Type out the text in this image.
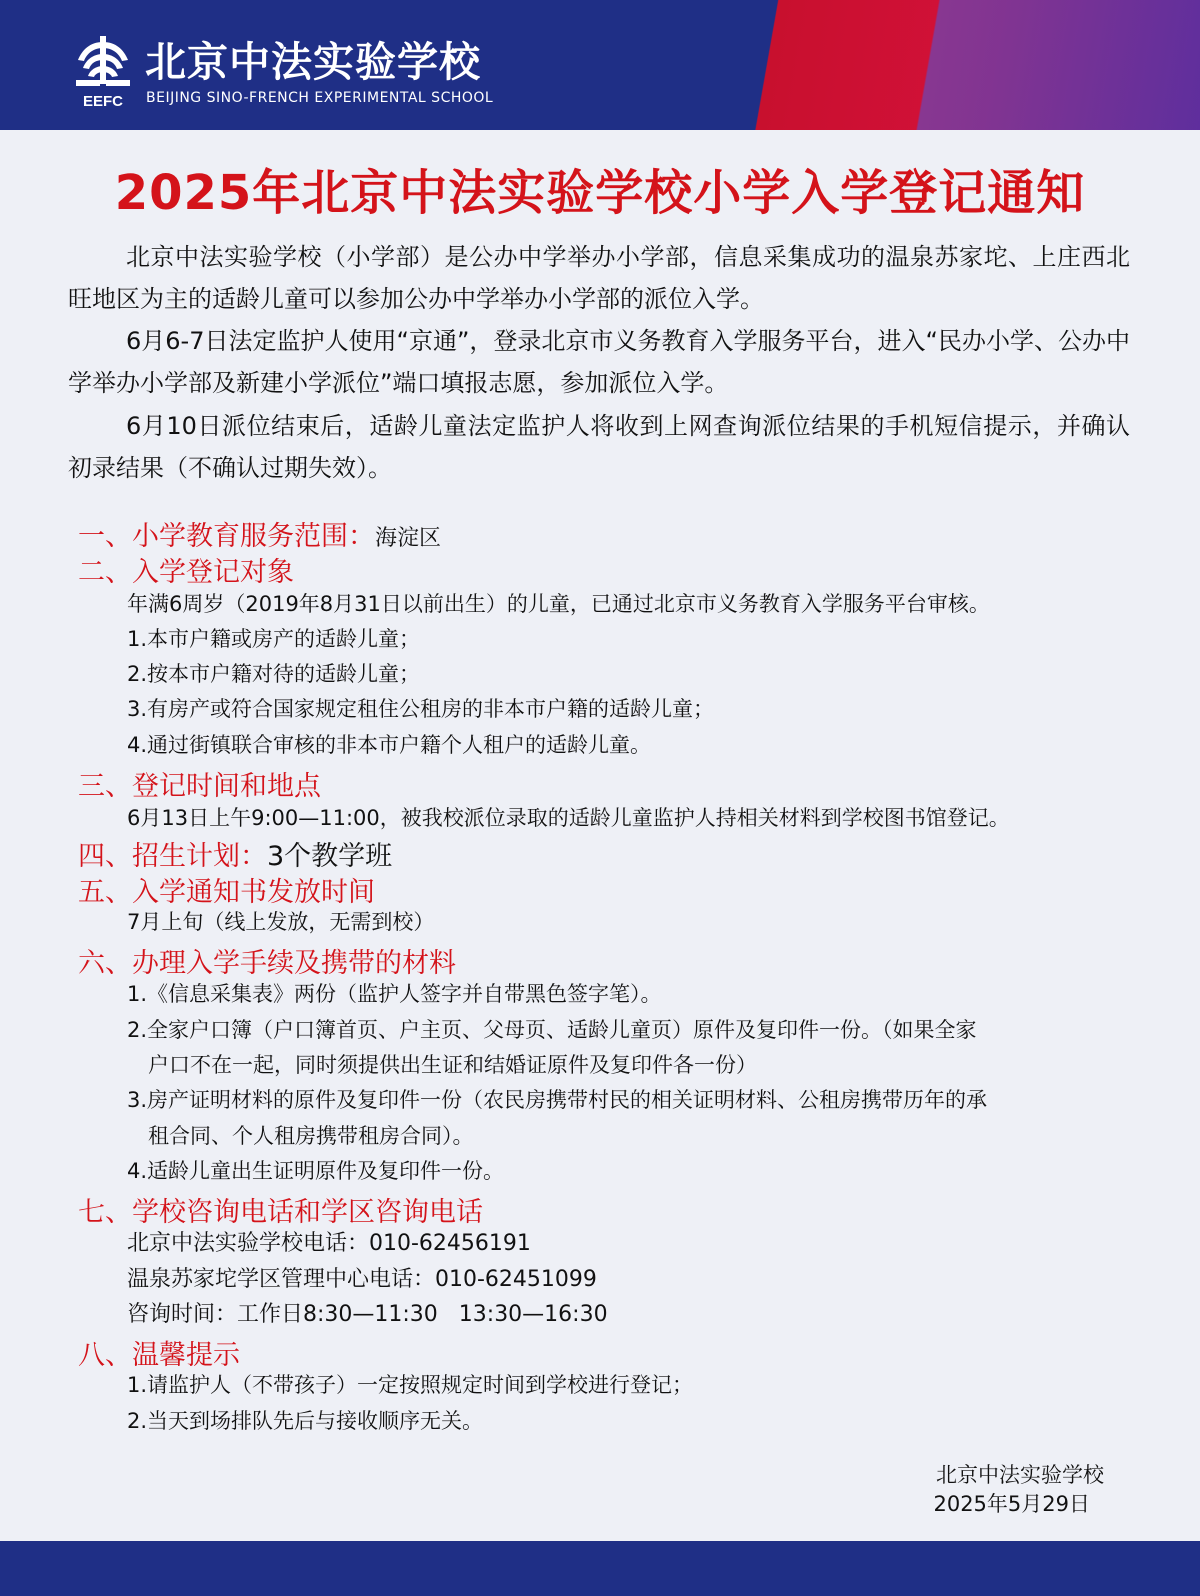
EEFC
北京中法实验学校
BEIJING SINO-FRENCH EXPERIMENTAL SCHOOL
2025年北京中法实验学校小学入学登记通知

北京中法实验学校（小学部）是公办中学举办小学部，信息采集成功的温泉苏家坨、上庄西北旺地区为主的适龄儿童可以参加公办中学举办小学部的派位入学。

6月6-7日法定监护人使用“京通”，登录北京市义务教育入学服务平台，进入“民办小学、公办中学举办小学部及新建小学派位”端口填报志愿，参加派位入学。

6月10日派位结束后，适龄儿童法定监护人将收到上网查询派位结果的手机短信提示，并确认初录结果（不确认过期失效）。

一、小学教育服务范围：海淀区
二、入学登记对象
年满6周岁（2019年8月31日以前出生）的儿童，已通过北京市义务教育入学服务平台审核。
1.本市户籍或房产的适龄儿童；
2.按本市户籍对待的适龄儿童；
3.有房产或符合国家规定租住公租房的非本市户籍的适龄儿童；
4.通过街镇联合审核的非本市户籍个人租户的适龄儿童。
三、登记时间和地点
6月13日上午9:00—11:00，被我校派位录取的适龄儿童监护人持相关材料到学校图书馆登记。
四、招生计划：3个教学班
五、入学通知书发放时间
7月上旬（线上发放，无需到校）
六、办理入学手续及携带的材料
1.《信息采集表》两份（监护人签字并自带黑色签字笔）。
2.全家户口簿（户口簿首页、户主页、父母页、适龄儿童页）原件及复印件一份。（如果全家
户口不在一起，同时须提供出生证和结婚证原件及复印件各一份）
3.房产证明材料的原件及复印件一份（农民房携带村民的相关证明材料、公租房携带历年的承
租合同、个人租房携带租房合同）。
4.适龄儿童出生证明原件及复印件一份。
七、学校咨询电话和学区咨询电话
北京中法实验学校电话：010-62456191
温泉苏家坨学区管理中心电话：010-62451099
咨询时间：工作日8:30—11:30   13:30—16:30
八、温馨提示
1.请监护人（不带孩子）一定按照规定时间到学校进行登记；
2.当天到场排队先后与接收顺序无关。
北京中法实验学校
2025年5月29日
